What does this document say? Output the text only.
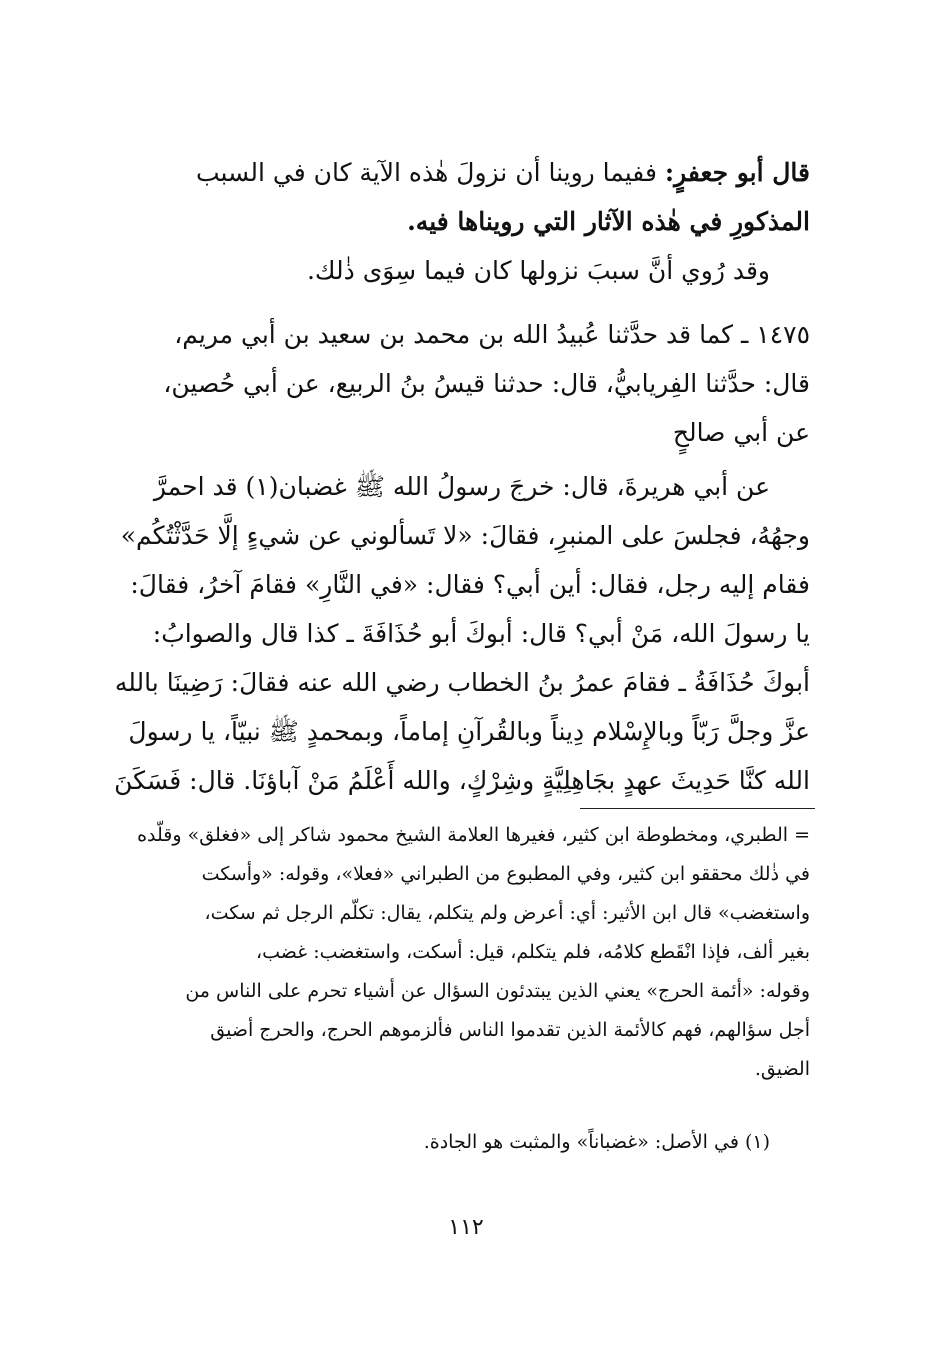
قال أبو جعفرٍ: ففيما روينا أن نزولَ هٰذه الآية كان في السبب
المذكورِ في هٰذه الآثار التي رويناها فيه.
وقد رُوي أنَّ سببَ نزولها كان فيما سِوَى ذٰلك.
١٤٧٥ ـ كما قد حدَّثنا عُبيدُ الله بن محمد بن سعيد بن أبي مريم،
قال: حدَّثنا الفِريابيُّ، قال: حدثنا قيسُ بنُ الربيع، عن أبي حُصين،
عن أبي صالحٍ
عن أبي هريرةَ، قال: خرجَ رسولُ الله ﷺ غضبان(١) قد احمرَّ
وجهُهُ، فجلسَ على المنبرِ، فقالَ: «لا تَسألوني عن شيءٍ إلَّا حَدَّثْتُكُم»
فقام إليه رجل، فقال: أين أبي؟ فقال: «في النَّارِ» فقامَ آخرُ، فقالَ:
يا رسولَ الله، مَنْ أبي؟ قال: أبوكَ أبو حُذَافَةَ ـ كذا قال والصوابُ:
أبوكَ حُذَافَةُ ـ فقامَ عمرُ بنُ الخطاب رضي الله عنه فقالَ: رَضِينَا بالله
عزَّ وجلَّ رَبّاً وبالإِسْلام دِيناً وبالقُرآنِ إماماً، وبمحمدٍ ﷺ نبيّاً، يا رسولَ
الله كنَّا حَدِيثَ عهدٍ بجَاهِلِيَّةٍ وشِرْكٍ، والله أَعْلَمُ مَنْ آباؤنَا. قال: فَسَكَنَ
= الطبري، ومخطوطة ابن كثير، فغيرها العلامة الشيخ محمود شاكر إلى «فغلق» وقلّده
في ذٰلك محققو ابن كثير، وفي المطبوع من الطبراني «فعلا»، وقوله: «وأسكت
واستغضب» قال ابن الأثير: أي: أعرض ولم يتكلم، يقال: تكلّم الرجل ثم سكت،
بغير ألف، فإذا انْقَطع كلامُه، فلم يتكلم، قيل: أسكت، واستغضب: غضب،
وقوله: «أئمة الحرج» يعني الذين يبتدئون السؤال عن أشياء تحرم على الناس من
أجل سؤالهم، فهم كالأئمة الذين تقدموا الناس فألزموهم الحرج، والحرج أضيق
الضيق.
(١) في الأصل: «غضباناً» والمثبت هو الجادة.
١١٢
